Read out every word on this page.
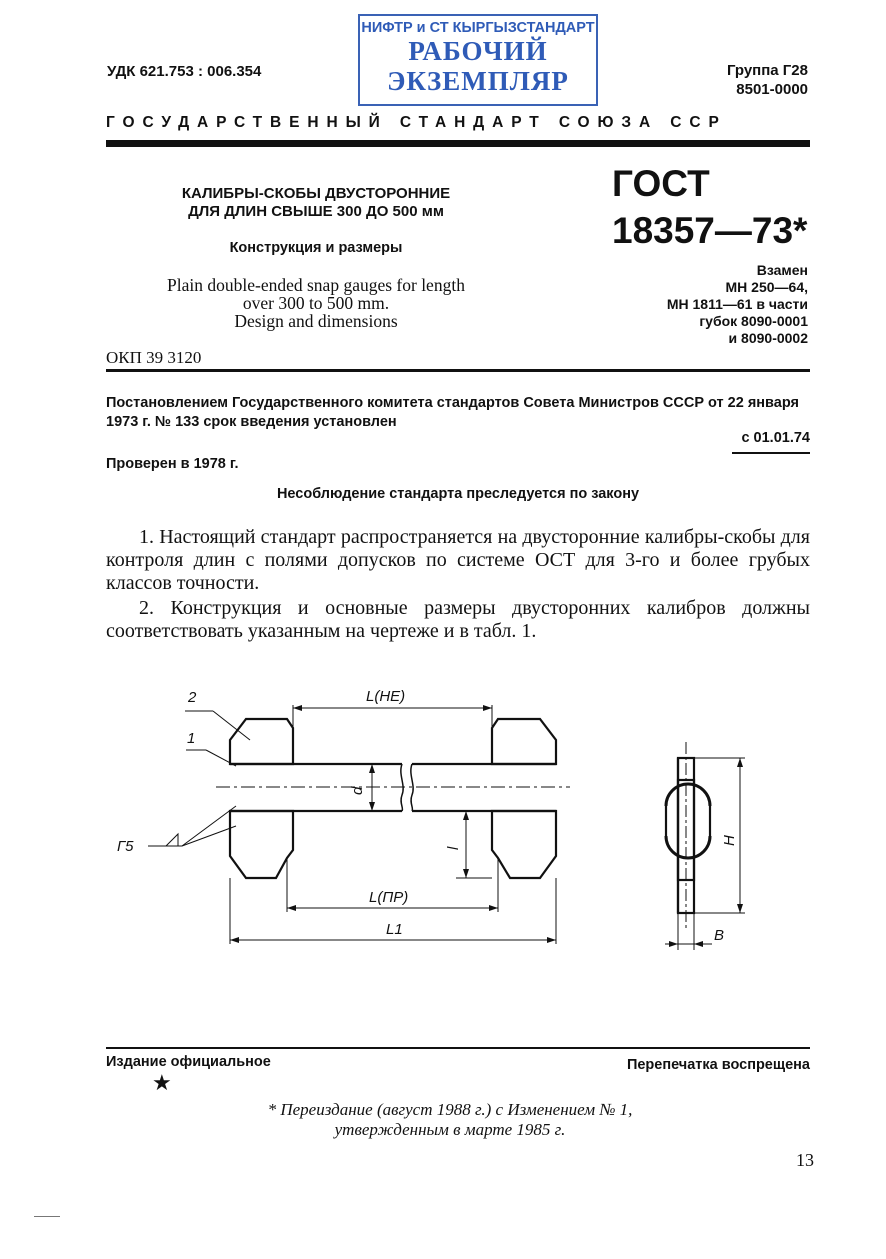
НИФТР и СТ КЫРГЫЗСТАНДАРТ
РАБОЧИЙ
ЭКЗЕМПЛЯР
УДК 621.753 : 006.354	Группа Г28
8501-0000
ГОСУДАРСТВЕННЫЙ СТАНДАРТ СОЮЗА ССР
КАЛИБРЫ-СКОБЫ ДВУСТОРОННИЕ
ДЛЯ ДЛИН СВЫШЕ 300 ДО 500 мм
Конструкция и размеры
Plain double-ended snap gauges for length
over 300 to 500 mm.
Design and dimensions
ГОСТ
18357—73*
Взамен
МН 250—64,
МН 1811—61 в части
губок 8090-0001
и 8090-0002
ОКП 39 3120
Постановлением Государственного комитета стандартов Совета Министров СССР от 22 января 1973 г. № 133 срок введения установлен
с 01.01.74
Проверен в 1978 г.
Несоблюдение стандарта преследуется по закону
1. Настоящий стандарт распространяется на двусторонние калибры-скобы для контроля длин с полями допусков по системе ОСТ для 3-го и более грубых классов точности.
2. Конструкция и основные размеры двусторонних калибров должны соответствовать указанным на чертеже и в табл. 1.
2
1
L(НЕ)
L(ПР)
L1
Г5
В
d
l
Н
Издание официальное	Перепечатка воспрещена
★
* Переиздание (август 1988 г.) с Изменением № 1,
утвержденным в марте 1985 г.
13
